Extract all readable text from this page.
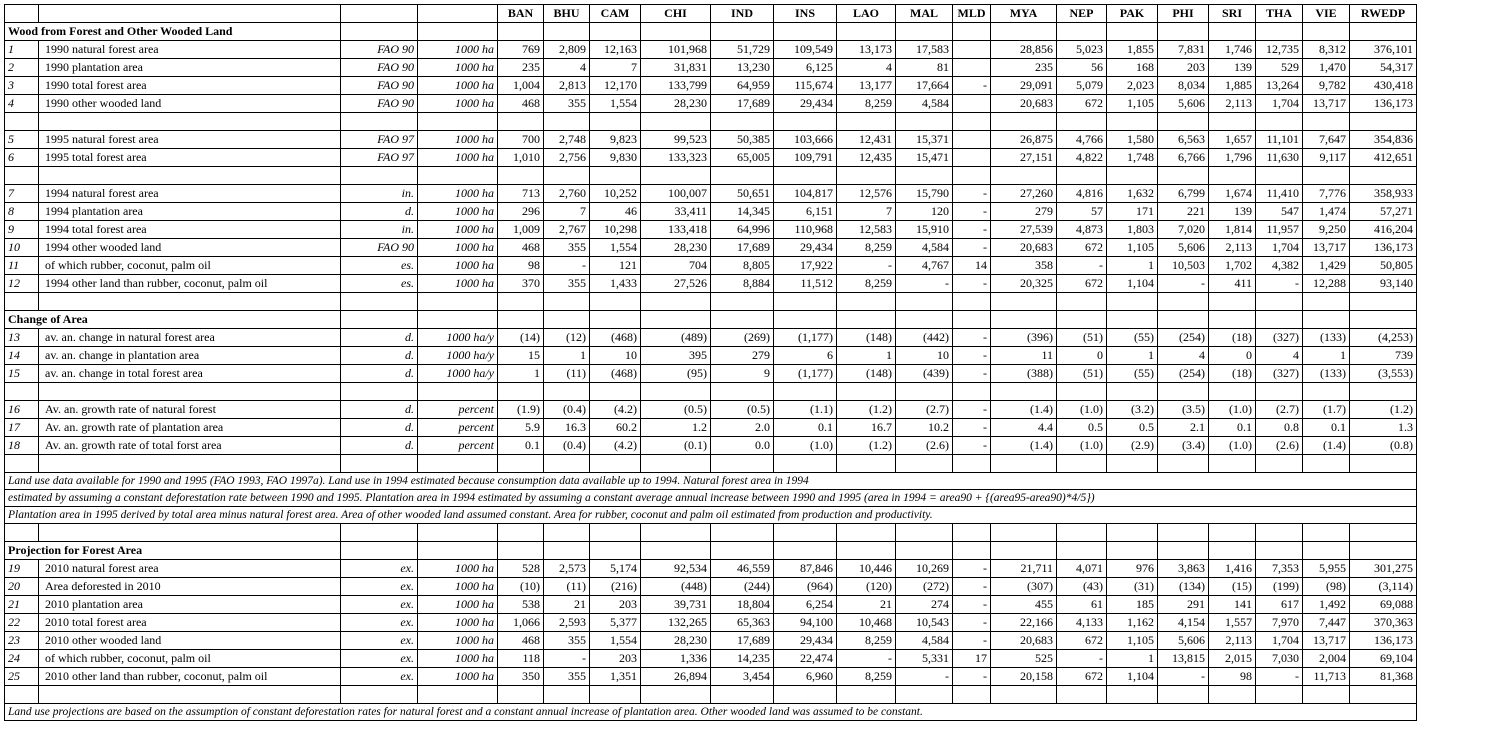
				BAN	BHU	CAM	CHI	IND	INS	LAO	MAL	MLD	MYA	NEP	PAK	PHI	SRI	THA	VIE	RWEDP
Wood from Forest and Other Wooded Land																				
1	1990 natural forest area	FAO 90	1000 ha	769	2,809	12,163	101,968	51,729	109,549	13,173	17,583		28,856	5,023	1,855	7,831	1,746	12,735	8,312	376,101
2	1990 plantation area	FAO 90	1000 ha	235	4	7	31,831	13,230	6,125	4	81		235	56	168	203	139	529	1,470	54,317
3	1990 total forest area	FAO 90	1000 ha	1,004	2,813	12,170	133,799	64,959	115,674	13,177	17,664	-	29,091	5,079	2,023	8,034	1,885	13,264	9,782	430,418
4	1990 other wooded land	FAO 90	1000 ha	468	355	1,554	28,230	17,689	29,434	8,259	4,584		20,683	672	1,105	5,606	2,113	1,704	13,717	136,173

5	1995 natural forest area	FAO 97	1000 ha	700	2,748	9,823	99,523	50,385	103,666	12,431	15,371		26,875	4,766	1,580	6,563	1,657	11,101	7,647	354,836
6	1995 total forest area	FAO 97	1000 ha	1,010	2,756	9,830	133,323	65,005	109,791	12,435	15,471		27,151	4,822	1,748	6,766	1,796	11,630	9,117	412,651

7	1994 natural forest area	in.	1000 ha	713	2,760	10,252	100,007	50,651	104,817	12,576	15,790	-	27,260	4,816	1,632	6,799	1,674	11,410	7,776	358,933
8	1994 plantation area	d.	1000 ha	296	7	46	33,411	14,345	6,151	7	120	-	279	57	171	221	139	547	1,474	57,271
9	1994 total forest area	in.	1000 ha	1,009	2,767	10,298	133,418	64,996	110,968	12,583	15,910	-	27,539	4,873	1,803	7,020	1,814	11,957	9,250	416,204
10	1994 other wooded land	FAO 90	1000 ha	468	355	1,554	28,230	17,689	29,434	8,259	4,584	-	20,683	672	1,105	5,606	2,113	1,704	13,717	136,173
11	of which rubber, coconut, palm oil	es.	1000 ha	98	-	121	704	8,805	17,922	-	4,767	14	358	-	1	10,503	1,702	4,382	1,429	50,805
12	1994 other land than rubber, coconut, palm oil	es.	1000 ha	370	355	1,433	27,526	8,884	11,512	8,259	-	-	20,325	672	1,104	-	411	-	12,288	93,140

Change of Area																				
13	av. an. change in natural forest area	d.	1000 ha/y	(14)	(12)	(468)	(489)	(269)	(1,177)	(148)	(442)	-	(396)	(51)	(55)	(254)	(18)	(327)	(133)	(4,253)
14	av. an. change in plantation area	d.	1000 ha/y	15	1	10	395	279	6	1	10	-	11	0	1	4	0	4	1	739
15	av. an. change in total forest area	d.	1000 ha/y	1	(11)	(468)	(95)	9	(1,177)	(148)	(439)	-	(388)	(51)	(55)	(254)	(18)	(327)	(133)	(3,553)

16	Av. an. growth rate of natural forest	d.	percent	(1.9)	(0.4)	(4.2)	(0.5)	(0.5)	(1.1)	(1.2)	(2.7)	-	(1.4)	(1.0)	(3.2)	(3.5)	(1.0)	(2.7)	(1.7)	(1.2)
17	Av. an. growth rate of plantation area	d.	percent	5.9	16.3	60.2	1.2	2.0	0.1	16.7	10.2	-	4.4	0.5	0.5	2.1	0.1	0.8	0.1	1.3
18	Av. an. growth rate of total forst area	d.	percent	0.1	(0.4)	(4.2)	(0.1)	0.0	(1.0)	(1.2)	(2.6)	-	(1.4)	(1.0)	(2.9)	(3.4)	(1.0)	(2.6)	(1.4)	(0.8)

Land use data available for 1990 and 1995 (FAO 1993, FAO 1997a). Land use in 1994 estimated because consumption data available up to 1994. Natural forest area in 1994																				
estimated by assuming a constant deforestation rate between 1990 and 1995. Plantation area in 1994 estimated by assuming a constant average annual increase between 1990 and 1995 (area in 1994 = area90 + {(area95-area90)*4/5})																				
Plantation area in 1995 derived by total area minus natural forest area. Area of other wooded land assumed constant. Area for rubber, coconut and palm oil estimated from production and productivity.																				

Projection for Forest Area																				
19	2010 natural forest area	ex.	1000 ha	528	2,573	5,174	92,534	46,559	87,846	10,446	10,269	-	21,711	4,071	976	3,863	1,416	7,353	5,955	301,275
20	Area deforested in 2010	ex.	1000 ha	(10)	(11)	(216)	(448)	(244)	(964)	(120)	(272)	-	(307)	(43)	(31)	(134)	(15)	(199)	(98)	(3,114)
21	2010 plantation area	ex.	1000 ha	538	21	203	39,731	18,804	6,254	21	274	-	455	61	185	291	141	617	1,492	69,088
22	2010 total forest area	ex.	1000 ha	1,066	2,593	5,377	132,265	65,363	94,100	10,468	10,543	-	22,166	4,133	1,162	4,154	1,557	7,970	7,447	370,363
23	2010 other wooded land	ex.	1000 ha	468	355	1,554	28,230	17,689	29,434	8,259	4,584	-	20,683	672	1,105	5,606	2,113	1,704	13,717	136,173
24	of which rubber, coconut, palm oil	ex.	1000 ha	118	-	203	1,336	14,235	22,474	-	5,331	17	525	-	1	13,815	2,015	7,030	2,004	69,104
25	2010 other land than rubber, coconut, palm oil	ex.	1000 ha	350	355	1,351	26,894	3,454	6,960	8,259	-	-	20,158	672	1,104	-	98	-	11,713	81,368

Land use projections are based on the assumption of constant deforestation rates for natural forest and a constant annual increase of plantation area. Other wooded land was assumed to be constant.																				
